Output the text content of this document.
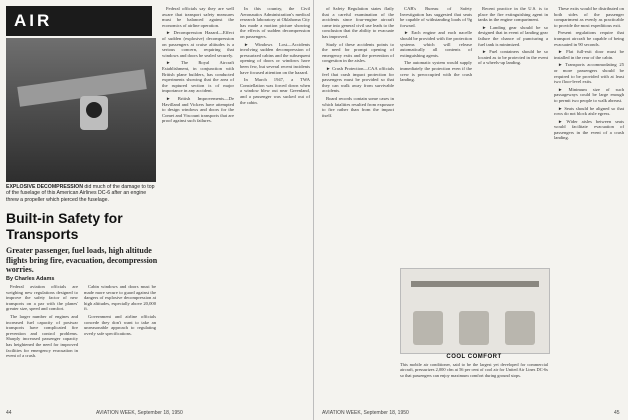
AIR
EXPLOSIVE DECOMPRESSION did much of the damage to top of the fuselage of this American Airlines DC-6 after an engine threw a propeller which pierced the fuselage.
Built-in Safety for Transports
Greater passenger, fuel loads, high altitude flights bring fire, evacuation, decompression worries.
By Charles Adams

Federal aviation officials are weighing new regulations designed to improve the safety factor of new transports on a par with the planes' greater size, speed and comfort.

The larger number of engines and increased fuel capacity of postwar transports have complicated fire prevention and control problems. Sharply increased passenger capacity has heightened the need for improved facilities for emergency evacuation in event of a crash.

Cabin windows and doors must be made more secure to guard against the dangers of explosive decompression at high altitudes, especially above 20,000 ft.

Government and airline officials concede they don't want to take an unreasonable approach to regulating overly safe specifications.

Federal officials say they are well aware that transport safety measures must be balanced against the economics of airline operation.

► Decompression Hazard—Effect of sudden (explosive) decompression on passengers at cruise altitudes is a serious concern, requiring that windows and doors be sealed securely.

► The Royal Aircraft Establishment, in conjunction with British plane builders, has conducted experiments showing that the area of the ruptured section is of major importance in any accident.

► British Improvements—De Havilland and Vickers have attempted to design windows and doors for the Comet and Viscount transports that are proof against such failures.

In this country, the Civil Aeronautics Administration's medical research laboratory at Oklahoma City has made a motion picture showing the effects of sudden decompression on passengers.

► Windows Lost—Accidents involving sudden decompression of pressurized cabins and the subsequent opening of doors or windows have been few, but several recent incidents have focused attention on the hazard.

In March 1947, a TWA Constellation was forced down when a window blew out near Greenland, and a passenger was sucked out of the cabin.

44	AVIATION WEEK, September 18, 1950

of Safety Regulation states flatly that a careful examination of the accidents since four-engine aircraft came into general civil use leads to the conclusion that the ability to evacuate has improved.

Study of these accidents points to the need for prompt opening of emergency exits and the prevention of congestion in the aisles.

► Crash Protection—CAA officials feel that crash impact protection for passengers must be provided so that they can walk away from survivable accidents.

Board records contain some cases in which fatalities resulted from exposure to fire rather than from the impact itself.

CAB's Bureau of Safety Investigation has suggested that seats be capable of withstanding loads of 9g forward.

► Each engine and each nacelle should be provided with fire protection systems which will release automatically all contents of extinguishing agents.

The automatic system would supply immediately the protection even if the crew is preoccupied with the crash landing.

Recent practice in the U.S. is to place the fire extinguishing agent in tanks in the engine compartment.

► Landing gear should be so designed that in event of landing gear failure the chance of puncturing a fuel tank is minimized.

► Fuel containers should be so located as to be protected in the event of a wheels-up landing.

COOL COMFORT
This mobile air conditioner, said to be the largest yet developed for commercial aircraft, pressurizes 2,000 cfm at 56 per cent of cool air for United Air Lines DC-6s so that passengers can enjoy maximum comfort during ground stops.

These exits would be distributed on both sides of the passenger compartment as evenly as practicable to provide the most expeditious exit.

Present regulations require that transport aircraft be capable of being evacuated in 90 seconds.

► Flat full-exit door must be installed in the rear of the cabin.

► Transports accommodating 25 or more passengers should be required to be provided with at least two floor-level exits.

► Minimum size of such passageways could be large enough to permit two people to walk abreast.

► Seats should be aligned so that rows do not block aisle egress.

► Wider aisles between seats would facilitate evacuation of passengers in the event of a crash landing.

AVIATION WEEK, September 18, 1950	45
